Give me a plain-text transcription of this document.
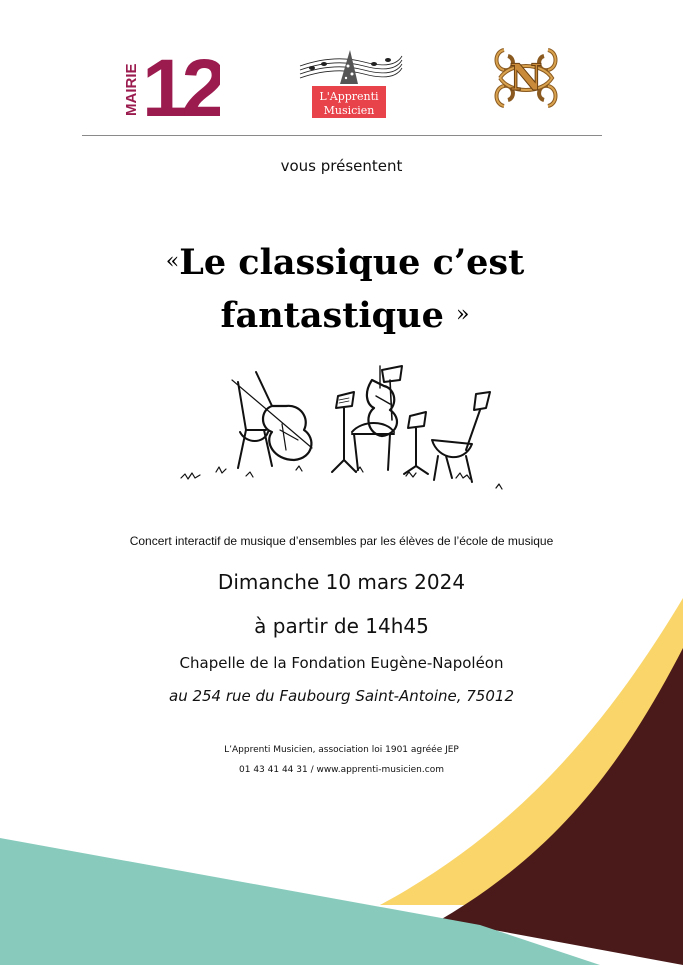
MAIRIE 12	L'Apprenti
Musicien
N
vous présentent
«Le classique c’est
fantastique »
Concert interactif de musique d’ensembles par les élèves de l’école de musique
Dimanche 10 mars 2024
à partir de 14h45
Chapelle de la Fondation Eugène-Napoléon
au 254 rue du Faubourg Saint-Antoine, 75012
L’Apprenti Musicien, association loi 1901 agréée JEP
01 43 41 44 31 / www.apprenti-musicien.com
